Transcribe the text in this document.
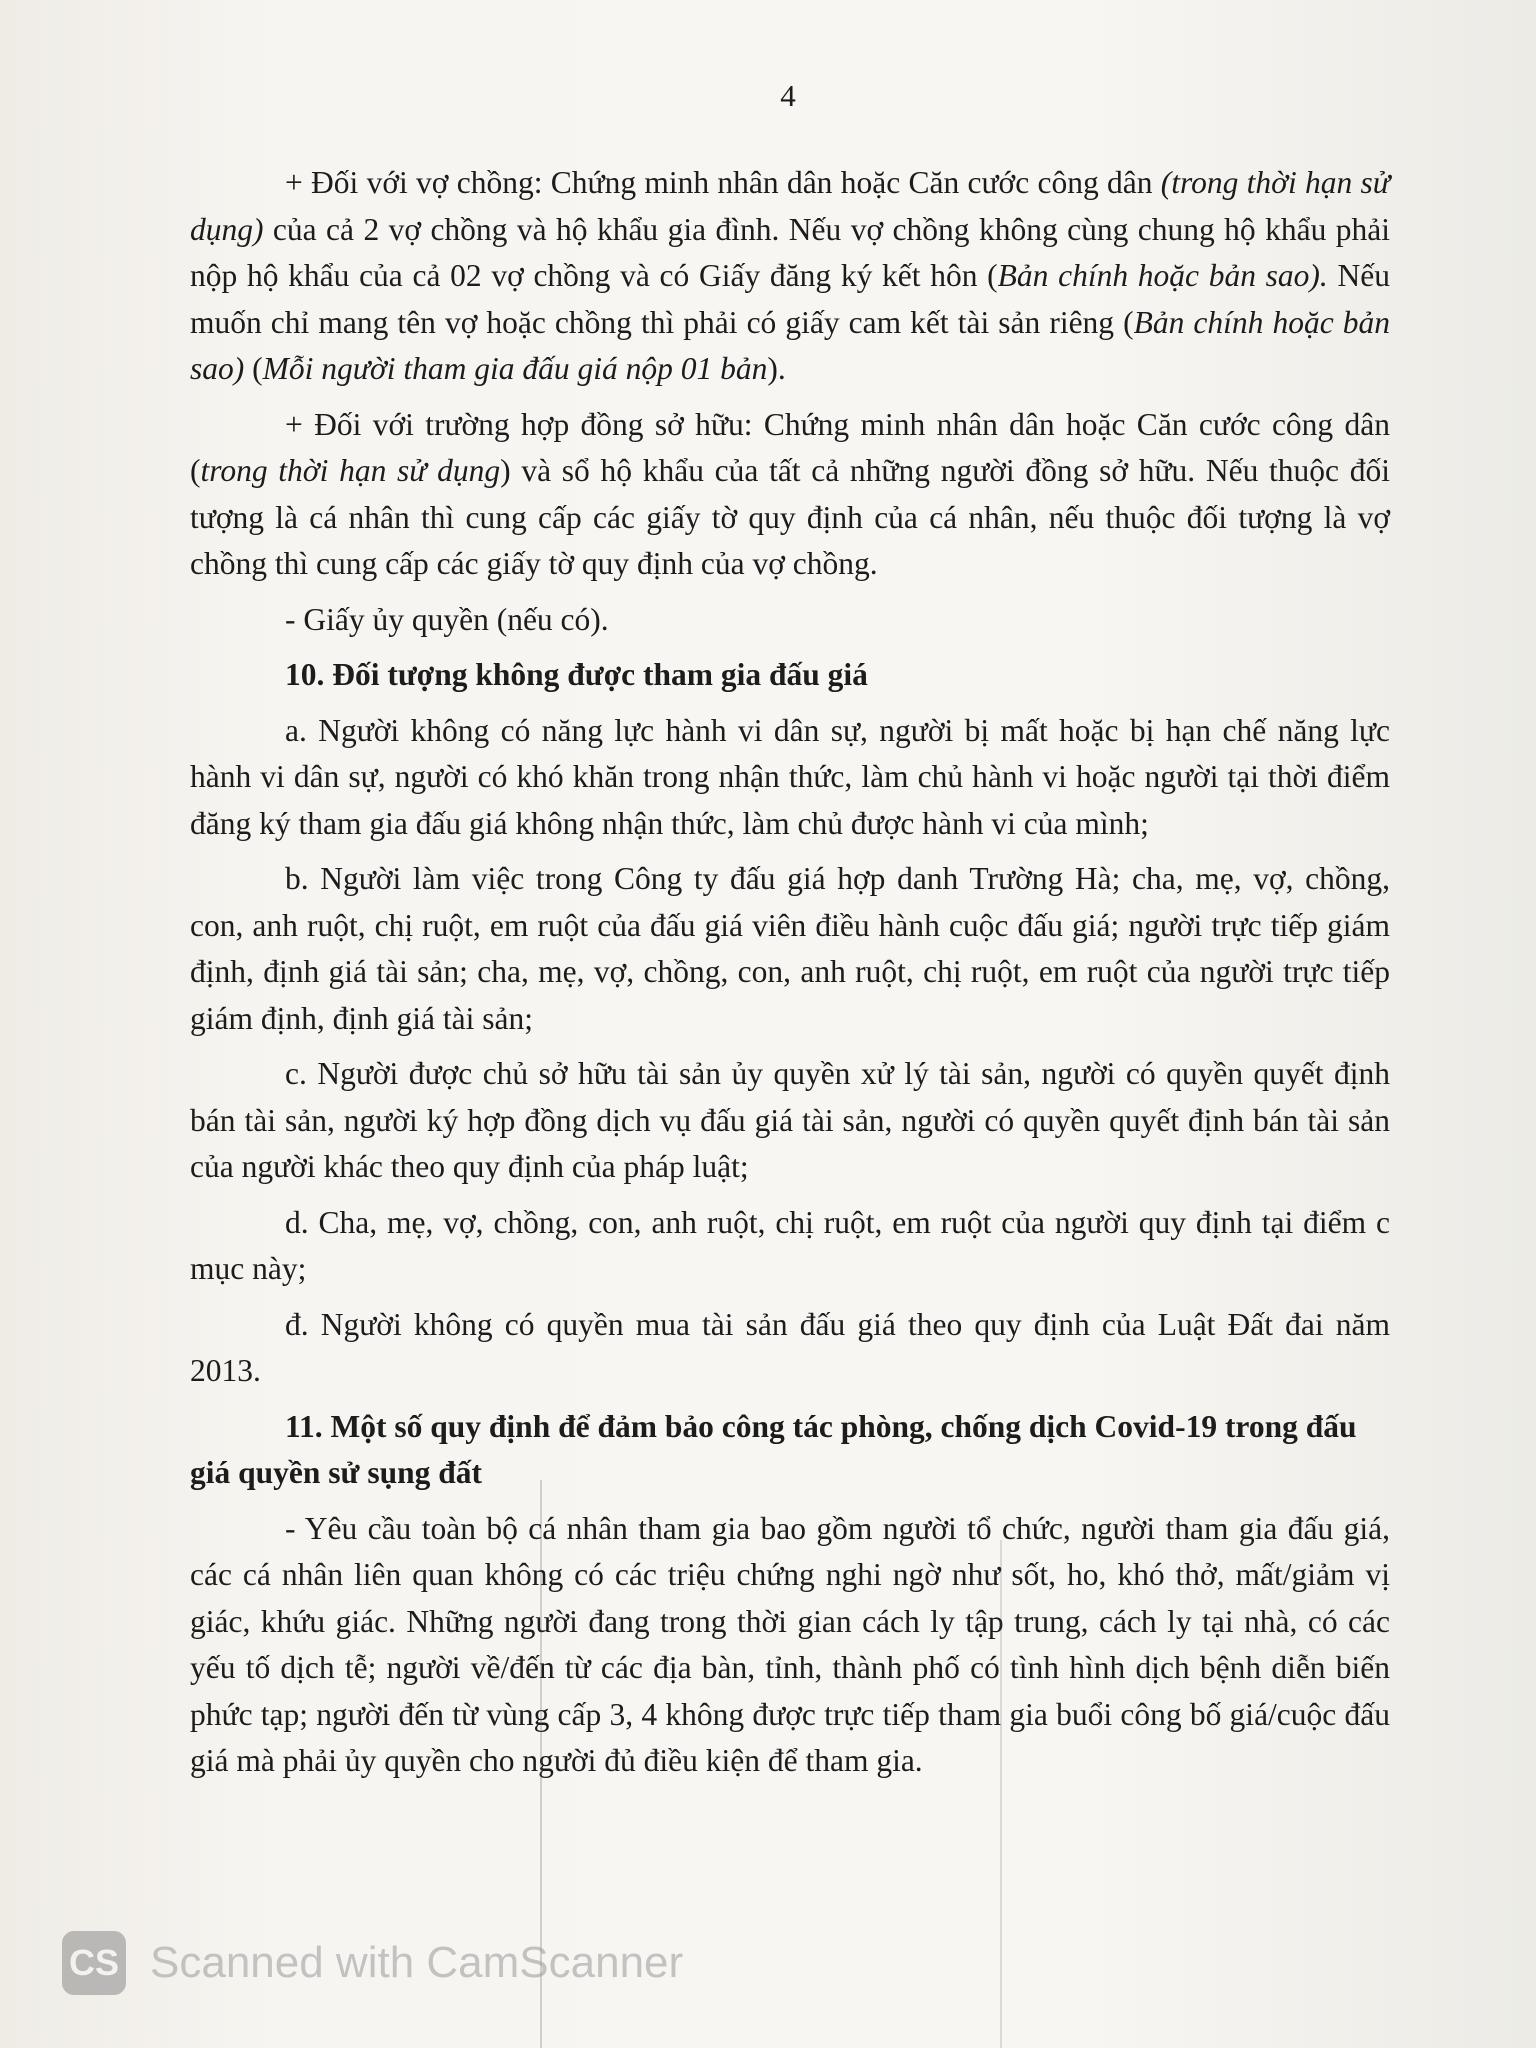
4

+ Đối với vợ chồng: Chứng minh nhân dân hoặc Căn cước công dân (trong thời hạn sử dụng) của cả 2 vợ chồng và hộ khẩu gia đình. Nếu vợ chồng không cùng chung hộ khẩu phải nộp hộ khẩu của cả 02 vợ chồng và có Giấy đăng ký kết hôn (Bản chính hoặc bản sao). Nếu muốn chỉ mang tên vợ hoặc chồng thì phải có giấy cam kết tài sản riêng (Bản chính hoặc bản sao) (Mỗi người tham gia đấu giá nộp 01 bản).

+ Đối với trường hợp đồng sở hữu: Chứng minh nhân dân hoặc Căn cước công dân (trong thời hạn sử dụng) và sổ hộ khẩu của tất cả những người đồng sở hữu. Nếu thuộc đối tượng là cá nhân thì cung cấp các giấy tờ quy định của cá nhân, nếu thuộc đối tượng là vợ chồng thì cung cấp các giấy tờ quy định của vợ chồng.

- Giấy ủy quyền (nếu có).

10. Đối tượng không được tham gia đấu giá

a. Người không có năng lực hành vi dân sự, người bị mất hoặc bị hạn chế năng lực hành vi dân sự, người có khó khăn trong nhận thức, làm chủ hành vi hoặc người tại thời điểm đăng ký tham gia đấu giá không nhận thức, làm chủ được hành vi của mình;

b. Người làm việc trong Công ty đấu giá hợp danh Trường Hà; cha, mẹ, vợ, chồng, con, anh ruột, chị ruột, em ruột của đấu giá viên điều hành cuộc đấu giá; người trực tiếp giám định, định giá tài sản; cha, mẹ, vợ, chồng, con, anh ruột, chị ruột, em ruột của người trực tiếp giám định, định giá tài sản;

c. Người được chủ sở hữu tài sản ủy quyền xử lý tài sản, người có quyền quyết định bán tài sản, người ký hợp đồng dịch vụ đấu giá tài sản, người có quyền quyết định bán tài sản của người khác theo quy định của pháp luật;

d. Cha, mẹ, vợ, chồng, con, anh ruột, chị ruột, em ruột của người quy định tại điểm c mục này;

đ. Người không có quyền mua tài sản đấu giá theo quy định của Luật Đất đai năm 2013.

11. Một số quy định để đảm bảo công tác phòng, chống dịch Covid-19 trong đấu giá quyền sử sụng đất

- Yêu cầu toàn bộ cá nhân tham gia bao gồm người tổ chức, người tham gia đấu giá, các cá nhân liên quan không có các triệu chứng nghi ngờ như sốt, ho, khó thở, mất/giảm vị giác, khứu giác. Những người đang trong thời gian cách ly tập trung, cách ly tại nhà, có các yếu tố dịch tễ; người về/đến từ các địa bàn, tỉnh, thành phố có tình hình dịch bệnh diễn biến phức tạp; người đến từ vùng cấp 3, 4 không được trực tiếp tham gia buổi công bố giá/cuộc đấu giá mà phải ủy quyền cho người đủ điều kiện để tham gia.

CS Scanned with CamScanner
